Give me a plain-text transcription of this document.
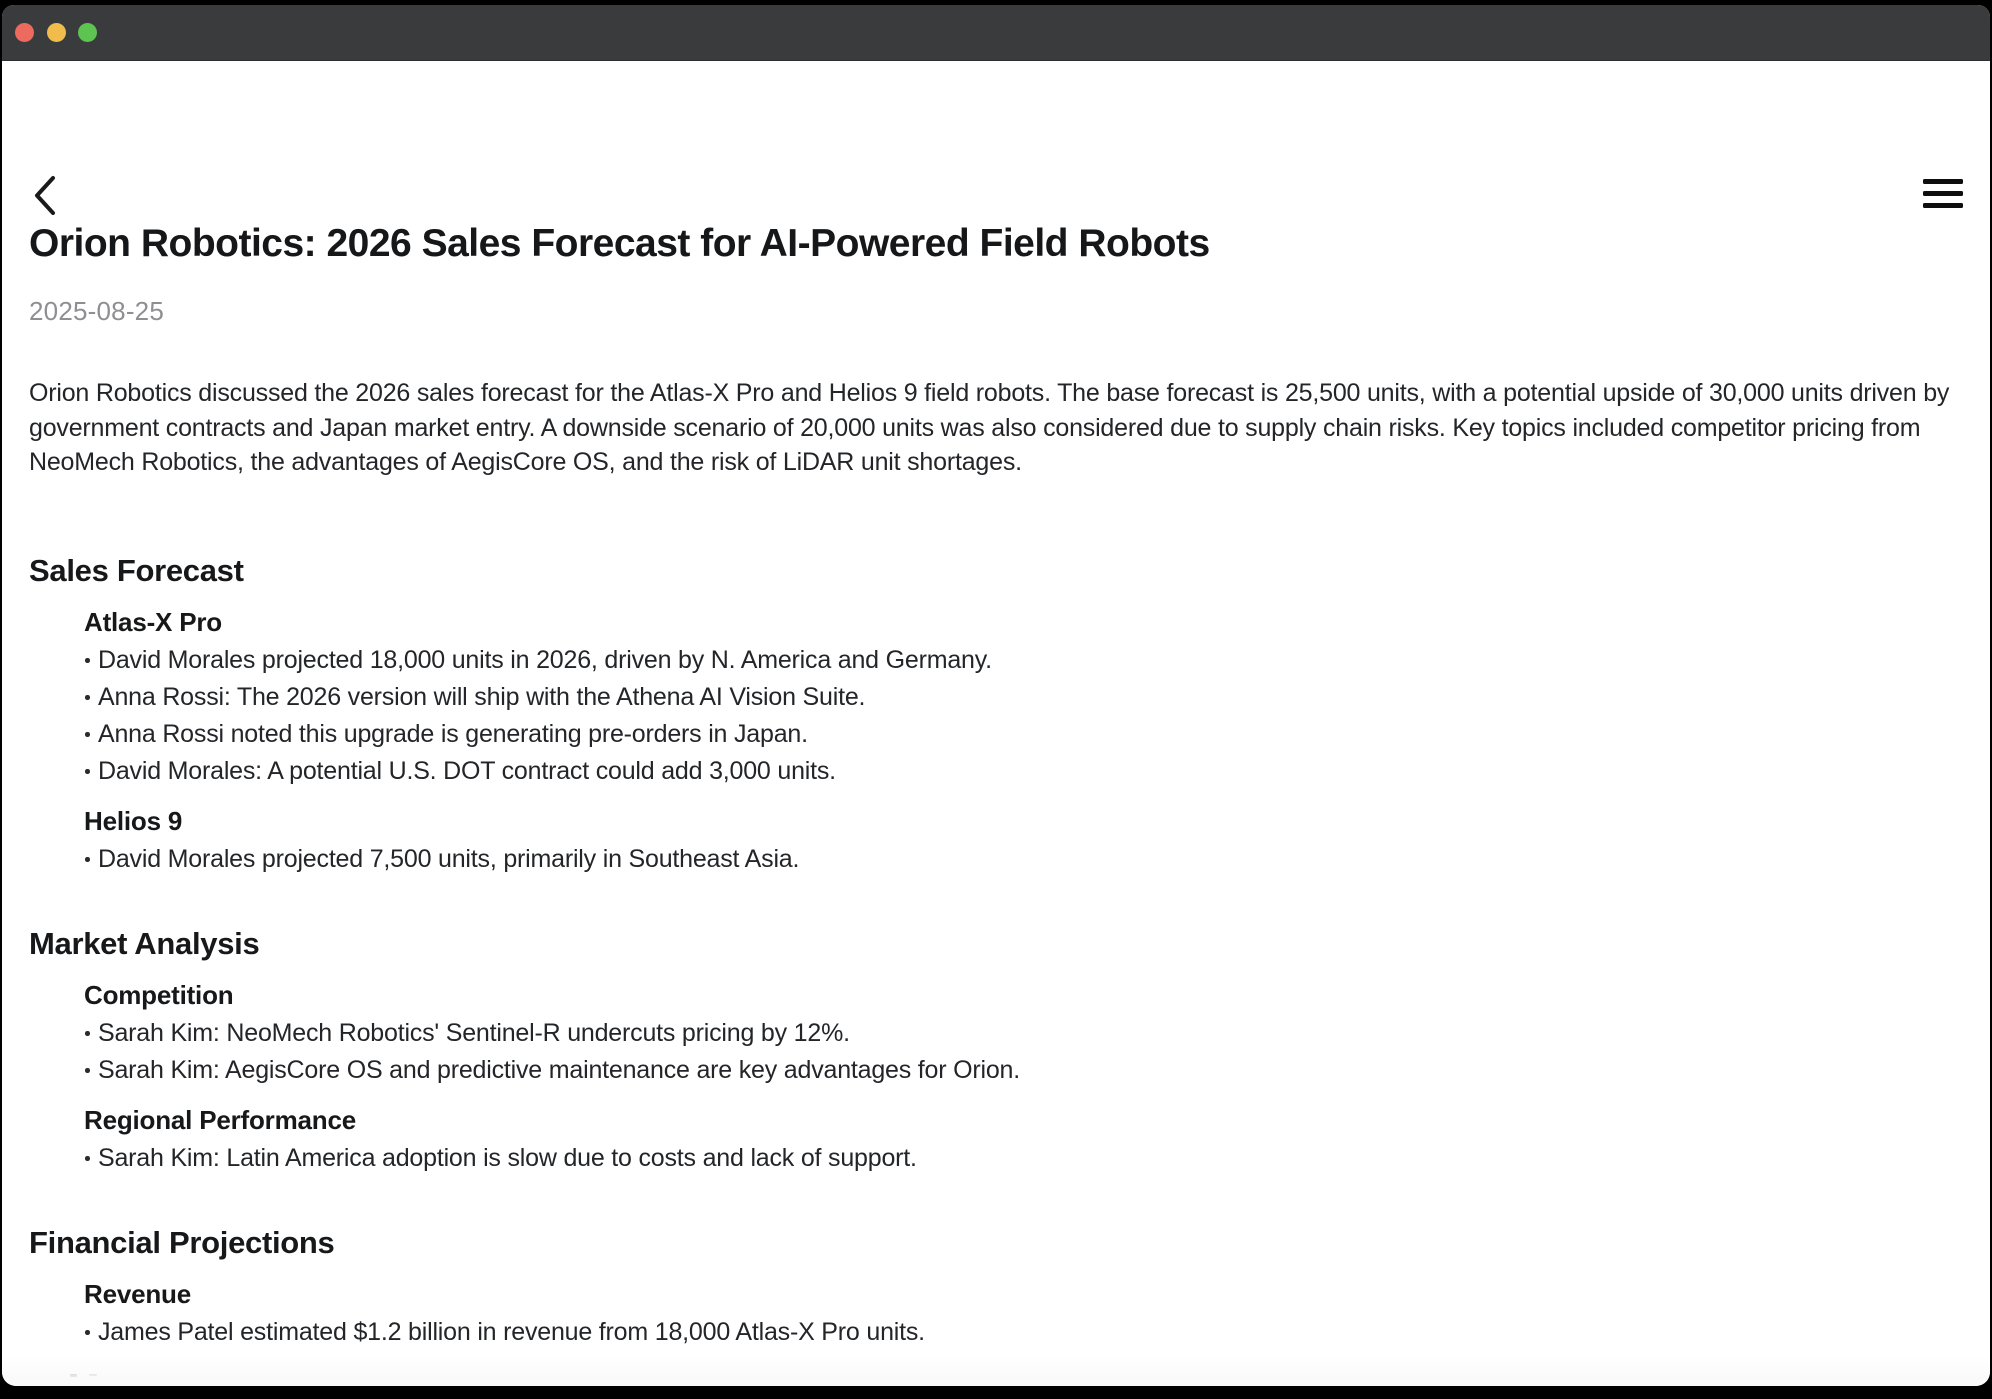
Orion Robotics: 2026 Sales Forecast for AI-Powered Field Robots
2025-08-25

Orion Robotics discussed the 2026 sales forecast for the Atlas-X Pro and Helios 9 field robots. The base forecast is 25,500 units, with a potential upside of 30,000 units driven by government contracts and Japan market entry. A downside scenario of 20,000 units was also considered due to supply chain risks. Key topics included competitor pricing from NeoMech Robotics, the advantages of AegisCore OS, and the risk of LiDAR unit shortages.

Sales Forecast
Atlas-X Pro
David Morales projected 18,000 units in 2026, driven by N. America and Germany.
Anna Rossi: The 2026 version will ship with the Athena AI Vision Suite.
Anna Rossi noted this upgrade is generating pre-orders in Japan.
David Morales: A potential U.S. DOT contract could add 3,000 units.
Helios 9
David Morales projected 7,500 units, primarily in Southeast Asia.
Market Analysis
Competition
Sarah Kim: NeoMech Robotics' Sentinel-R undercuts pricing by 12%.
Sarah Kim: AegisCore OS and predictive maintenance are key advantages for Orion.
Regional Performance
Sarah Kim: Latin America adoption is slow due to costs and lack of support.
Financial Projections
Revenue
James Patel estimated $1.2 billion in revenue from 18,000 Atlas-X Pro units.
